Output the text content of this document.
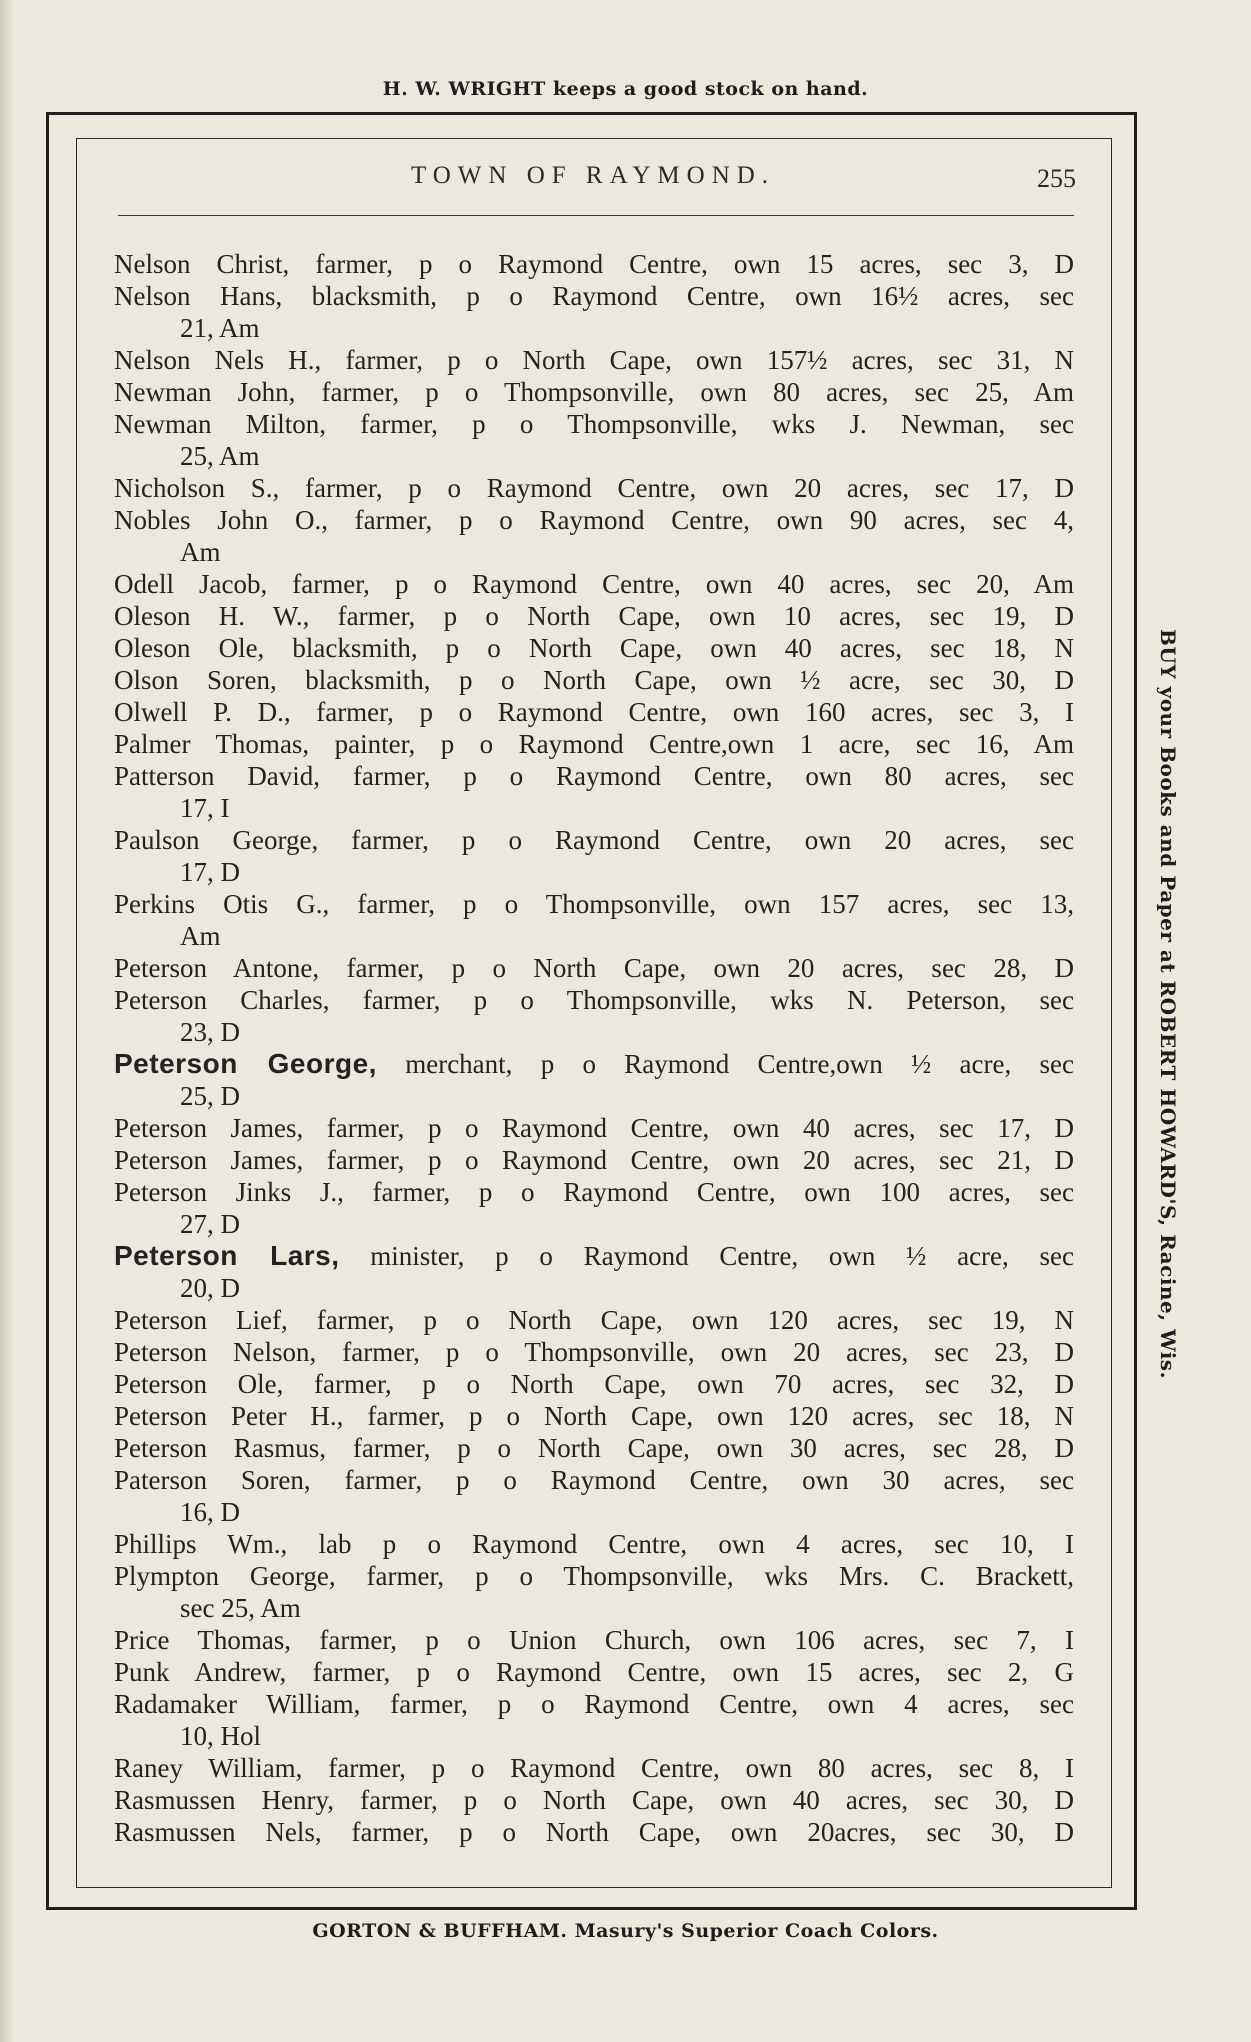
H. W. WRIGHT keeps a good stock on hand.
BUY your Books and Paper at ROBERT HOWARD'S, Racine, Wis.
TOWN OF RAYMOND.	255
Nelson Christ, farmer, p o Raymond Centre, own 15 acres, sec 3, D
Nelson Hans, blacksmith, p o Raymond Centre, own 16½ acres, sec
21, Am
Nelson Nels H., farmer, p o North Cape, own 157½ acres, sec 31, N
Newman John, farmer, p o Thompsonville, own 80 acres, sec 25, Am
Newman Milton, farmer, p o Thompsonville, wks J. Newman, sec
25, Am
Nicholson S., farmer, p o Raymond Centre, own 20 acres, sec 17, D
Nobles John O., farmer, p o Raymond Centre, own 90 acres, sec 4,
Am
Odell Jacob, farmer, p o Raymond Centre, own 40 acres, sec 20, Am
Oleson H. W., farmer, p o North Cape, own 10 acres, sec 19, D
Oleson Ole, blacksmith, p o North Cape, own 40 acres, sec 18, N
Olson Soren, blacksmith, p o North Cape, own ½ acre, sec 30, D
Olwell P. D., farmer, p o Raymond Centre, own 160 acres, sec 3, I
Palmer Thomas, painter, p o Raymond Centre,own 1 acre, sec 16, Am
Patterson David, farmer, p o Raymond Centre, own 80 acres, sec
17, I
Paulson George, farmer, p o Raymond Centre, own 20 acres, sec
17, D
Perkins Otis G., farmer, p o Thompsonville, own 157 acres, sec 13,
Am
Peterson Antone, farmer, p o North Cape, own 20 acres, sec 28, D
Peterson Charles, farmer, p o Thompsonville, wks N. Peterson, sec
23, D
Peterson George, merchant, p o Raymond Centre,own ½ acre, sec
25, D
Peterson James, farmer, p o Raymond Centre, own 40 acres, sec 17, D
Peterson James, farmer, p o Raymond Centre, own 20 acres, sec 21, D
Peterson Jinks J., farmer, p o Raymond Centre, own 100 acres, sec
27, D
Peterson Lars, minister, p o Raymond Centre, own ½ acre, sec
20, D
Peterson Lief, farmer, p o North Cape, own 120 acres, sec 19, N
Peterson Nelson, farmer, p o Thompsonville, own 20 acres, sec 23, D
Peterson Ole, farmer, p o North Cape, own 70 acres, sec 32, D
Peterson Peter H., farmer, p o North Cape, own 120 acres, sec 18, N
Peterson Rasmus, farmer, p o North Cape, own 30 acres, sec 28, D
Paterson Soren, farmer, p o Raymond Centre, own 30 acres, sec
16, D
Phillips Wm., lab p o Raymond Centre, own 4 acres, sec 10, I
Plympton George, farmer, p o Thompsonville, wks Mrs. C. Brackett,
sec 25, Am
Price Thomas, farmer, p o Union Church, own 106 acres, sec 7, I
Punk Andrew, farmer, p o Raymond Centre, own 15 acres, sec 2, G
Radamaker William, farmer, p o Raymond Centre, own 4 acres, sec
10, Hol
Raney William, farmer, p o Raymond Centre, own 80 acres, sec 8, I
Rasmussen Henry, farmer, p o North Cape, own 40 acres, sec 30, D
Rasmussen Nels, farmer, p o North Cape, own 20acres, sec 30, D
GORTON & BUFFHAM. Masury's Superior Coach Colors.
